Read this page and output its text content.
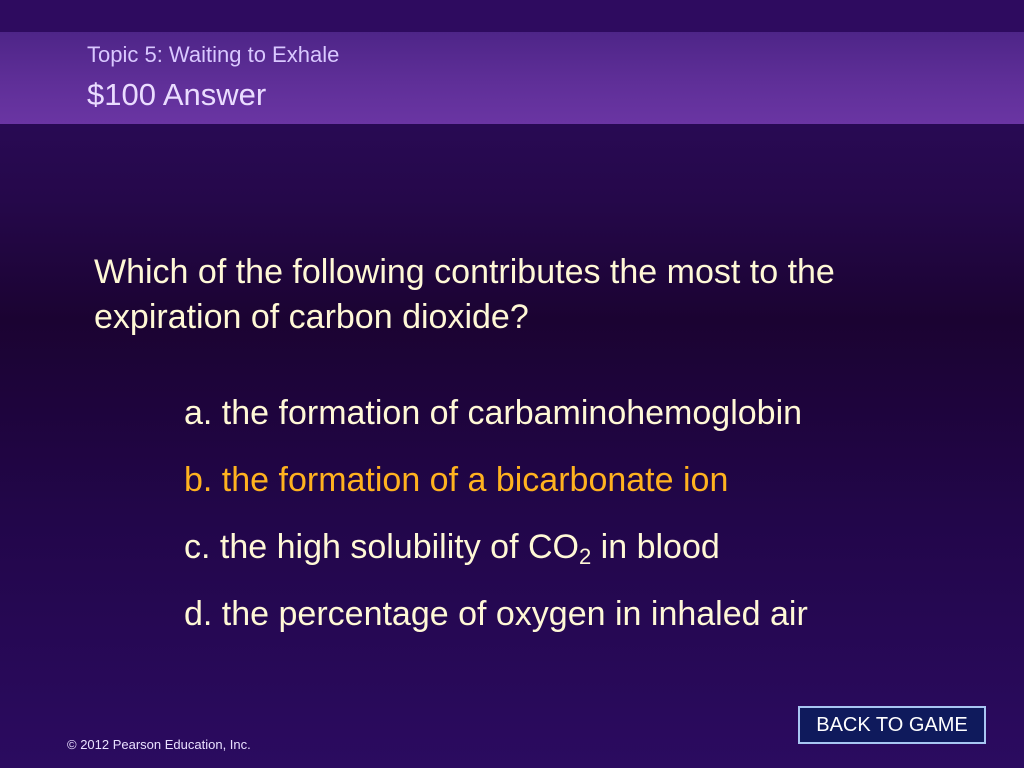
Topic 5: Waiting to Exhale
$100 Answer
Which of the following contributes the most to the expiration of carbon dioxide?
a. the formation of carbaminohemoglobin
b. the formation of a bicarbonate ion
c. the high solubility of $CO_2$ in blood
d. the percentage of oxygen in inhaled air
BACK TO GAME
© 2012 Pearson Education, Inc.
